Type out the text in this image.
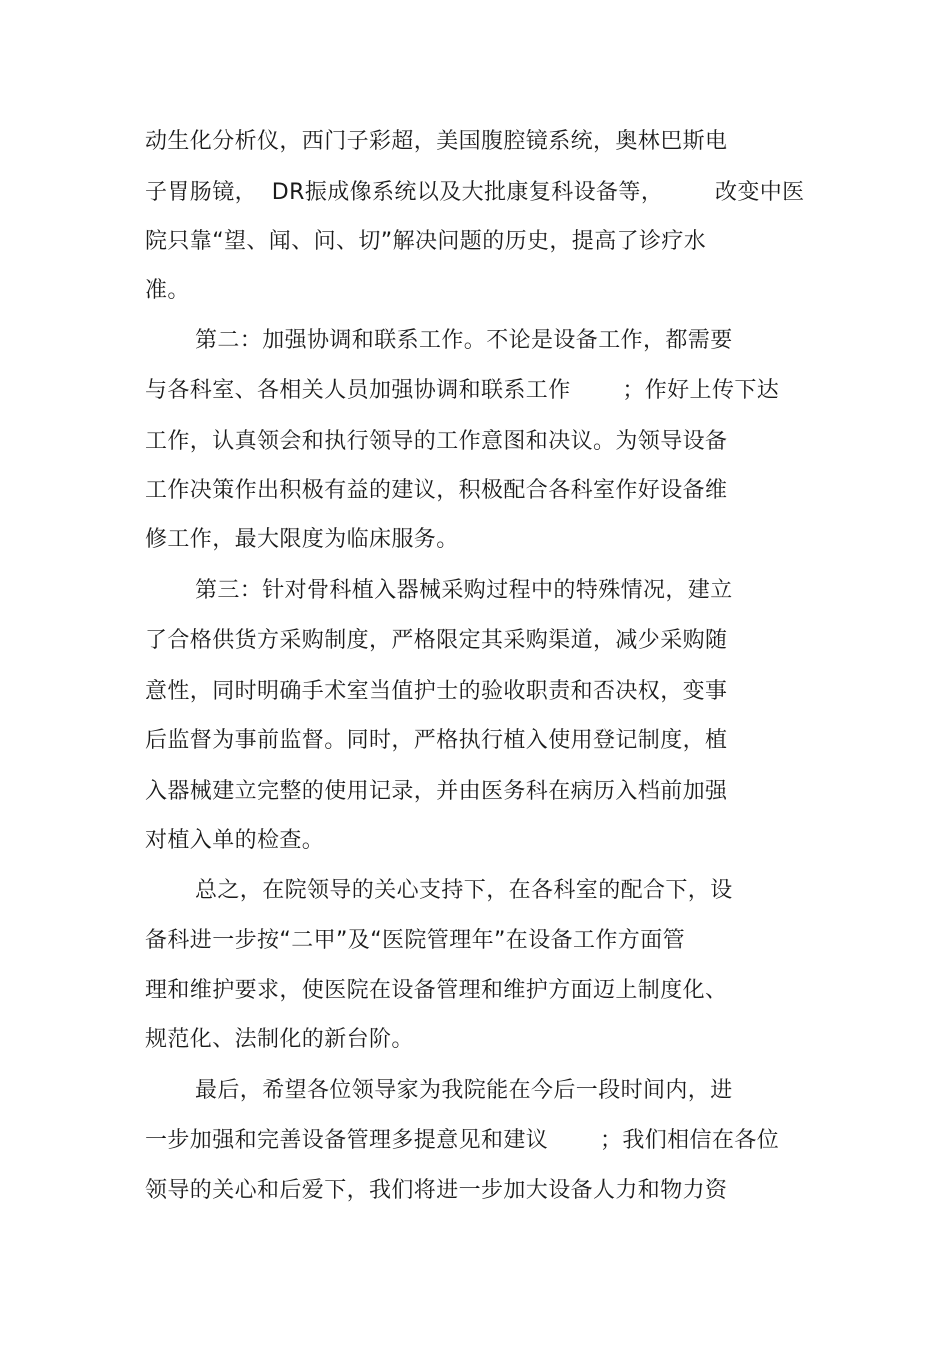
动生化分析仪，西门子彩超，美国腹腔镜系统，奥林巴斯电
子胃肠镜，  DR振成像系统以及大批康复科设备等，       改变中医
院只靠“望、闻、问、切”解决问题的历史，提高了诊疗水
准。
第二：加强协调和联系工作。不论是设备工作，都需要
与各科室、各相关人员加强协调和联系工作       ；作好上传下达
工作，认真领会和执行领导的工作意图和决议。为领导设备
工作决策作出积极有益的建议，积极配合各科室作好设备维
修工作，最大限度为临床服务。
第三：针对骨科植入器械采购过程中的特殊情况，建立
了合格供货方采购制度，严格限定其采购渠道，减少采购随
意性，同时明确手术室当值护士的验收职责和否决权，变事
后监督为事前监督。同时，严格执行植入使用登记制度，植
入器械建立完整的使用记录，并由医务科在病历入档前加强
对植入单的检查。
总之，在院领导的关心支持下，在各科室的配合下，设
备科进一步按“二甲”及“医院管理年”在设备工作方面管
理和维护要求，使医院在设备管理和维护方面迈上制度化、
规范化、法制化的新台阶。
最后，希望各位领导家为我院能在今后一段时间内，进
一步加强和完善设备管理多提意见和建议       ；我们相信在各位
领导的关心和后爱下，我们将进一步加大设备人力和物力资
